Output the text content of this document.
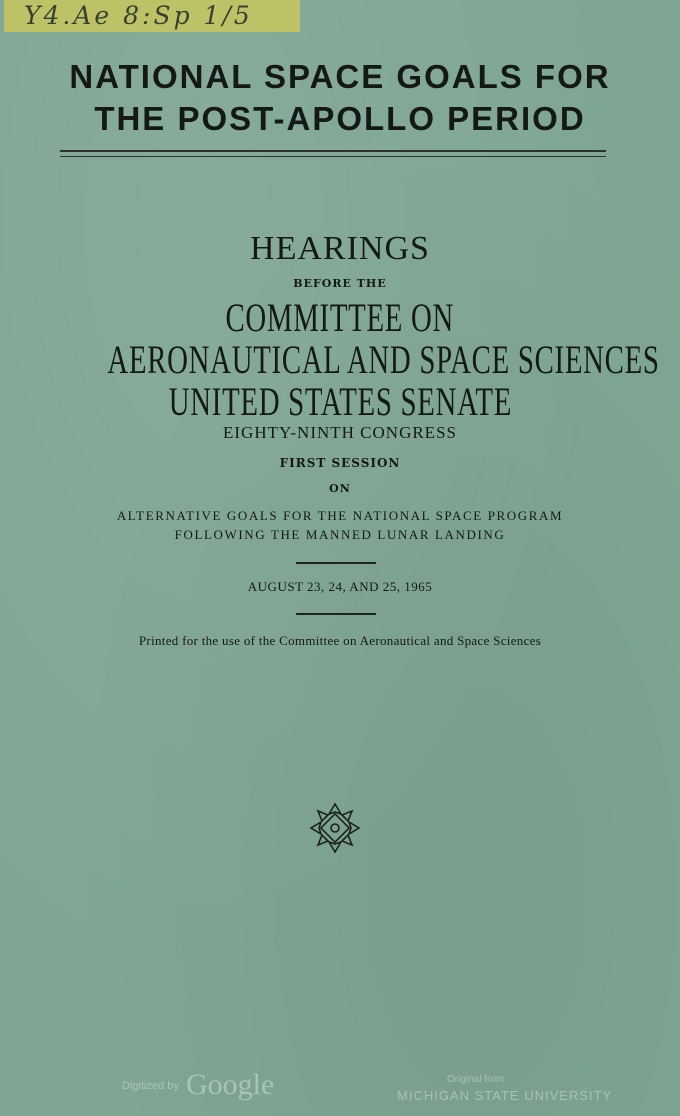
Y4.Ae 8:Sp 1/5
NATIONAL SPACE GOALS FOR
THE POST-APOLLO PERIOD
HEARINGS
BEFORE THE
COMMITTEE ON
AERONAUTICAL AND SPACE SCIENCES
UNITED STATES SENATE
EIGHTY-NINTH CONGRESS
FIRST SESSION
ON
ALTERNATIVE GOALS FOR THE NATIONAL SPACE PROGRAM
FOLLOWING THE MANNED LUNAR LANDING
AUGUST 23, 24, AND 25, 1965
Printed for the use of the Committee on Aeronautical and Space Sciences
Digitized by Google	Original from
MICHIGAN STATE UNIVERSITY
